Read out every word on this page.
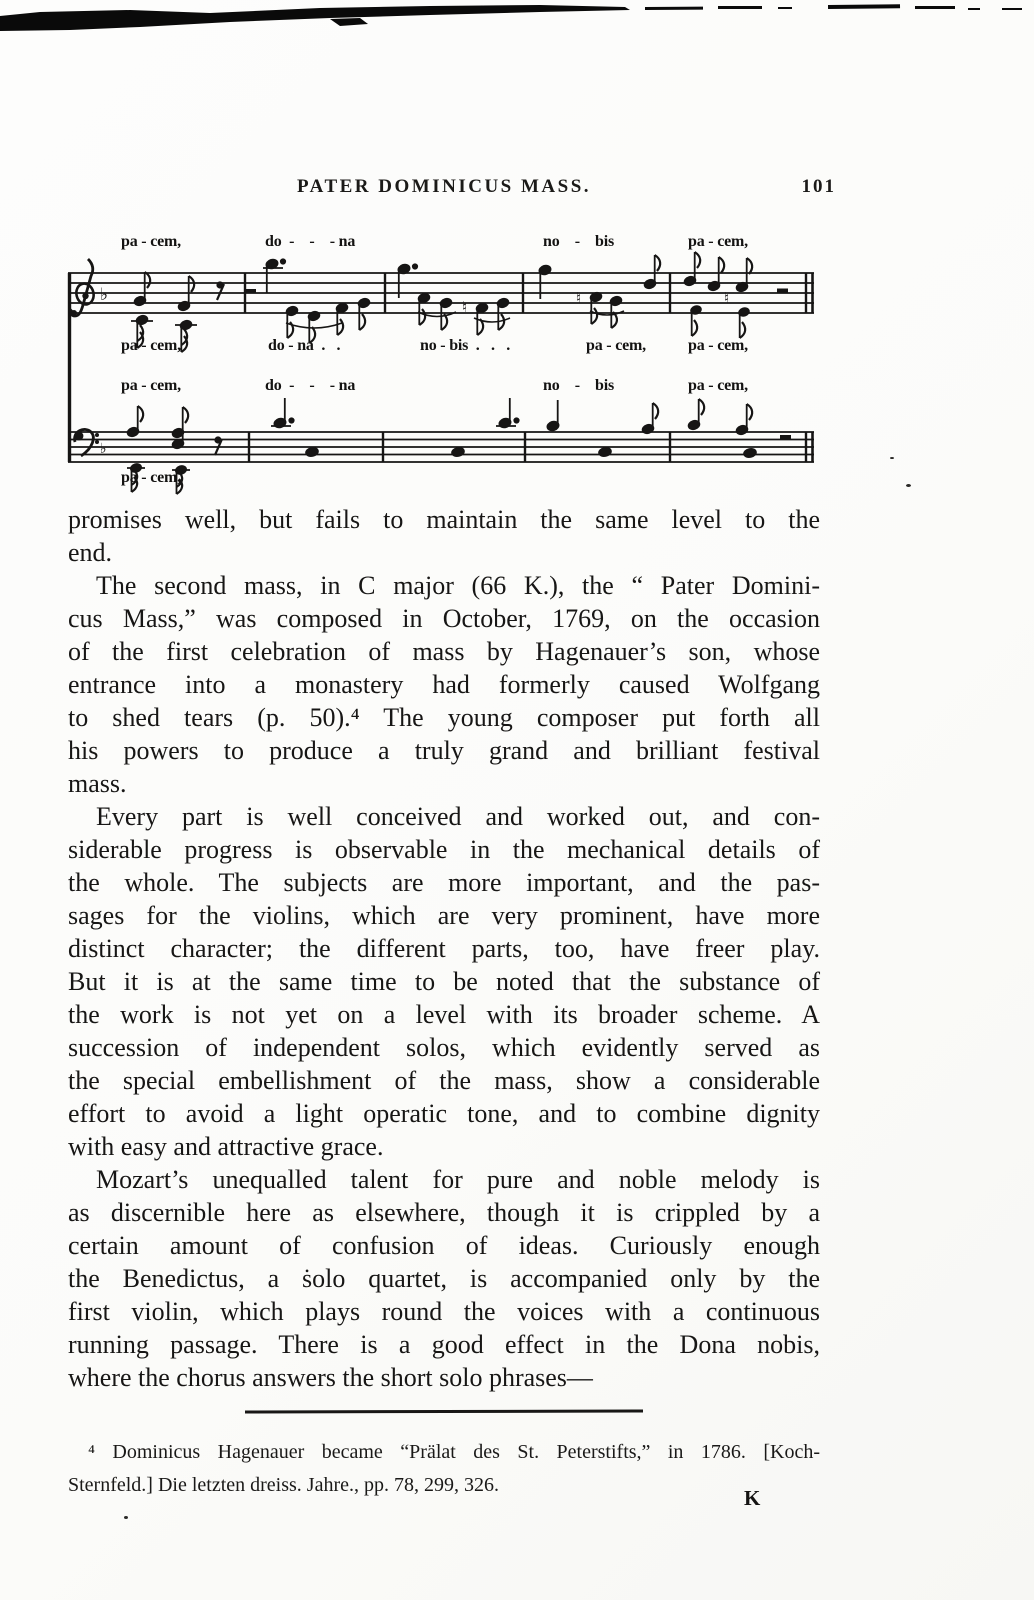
PATER DOMINICUS MASS.	101
♭
♭
♮	♮	♮
pa - cem,	do  -    -    - na	no    -    bis	pa - cem,
pa - cem,	do - na  .   .	no - bis  .   .   .	pa - cem,	pa - cem,
pa - cem,	do  -    -    - na	no    -    bis	pa - cem,
pa - cem,
promises well, but fails to maintain the same level to the
end.
The second mass, in C major (66 K.), the “ Pater Domini-
cus Mass,” was composed in October, 1769, on the occasion
of the first celebration of mass by Hagenauer’s son, whose
entrance into a monastery had formerly caused Wolfgang
to shed tears (p. 50).⁴ The young composer put forth all
his powers to produce a truly grand and brilliant festival
mass.
Every part is well conceived and worked out, and con-
siderable progress is observable in the mechanical details of
the whole. The subjects are more important, and the pas-
sages for the violins, which are very prominent, have more
distinct character; the different parts, too, have freer play.
But it is at the same time to be noted that the substance of
the work is not yet on a level with its broader scheme. A
succession of independent solos, which evidently served as
the special embellishment of the mass, show a considerable
effort to avoid a light operatic tone, and to combine dignity
with easy and attractive grace.
Mozart’s unequalled talent for pure and noble melody is
as discernible here as elsewhere, though it is crippled by a
certain amount of confusion of ideas. Curiously enough
the Benedictus, a ṡolo quartet, is accompanied only by the
first violin, which plays round the voices with a continuous
running passage. There is a good effect in the Dona nobis,
where the chorus answers the short solo phrases—
⁴ Dominicus Hagenauer became “Prälat des St. Peterstifts,” in 1786. [Koch-
Sternfeld.] Die letzten dreiss. Jahre., pp. 78, 299, 326.
K
